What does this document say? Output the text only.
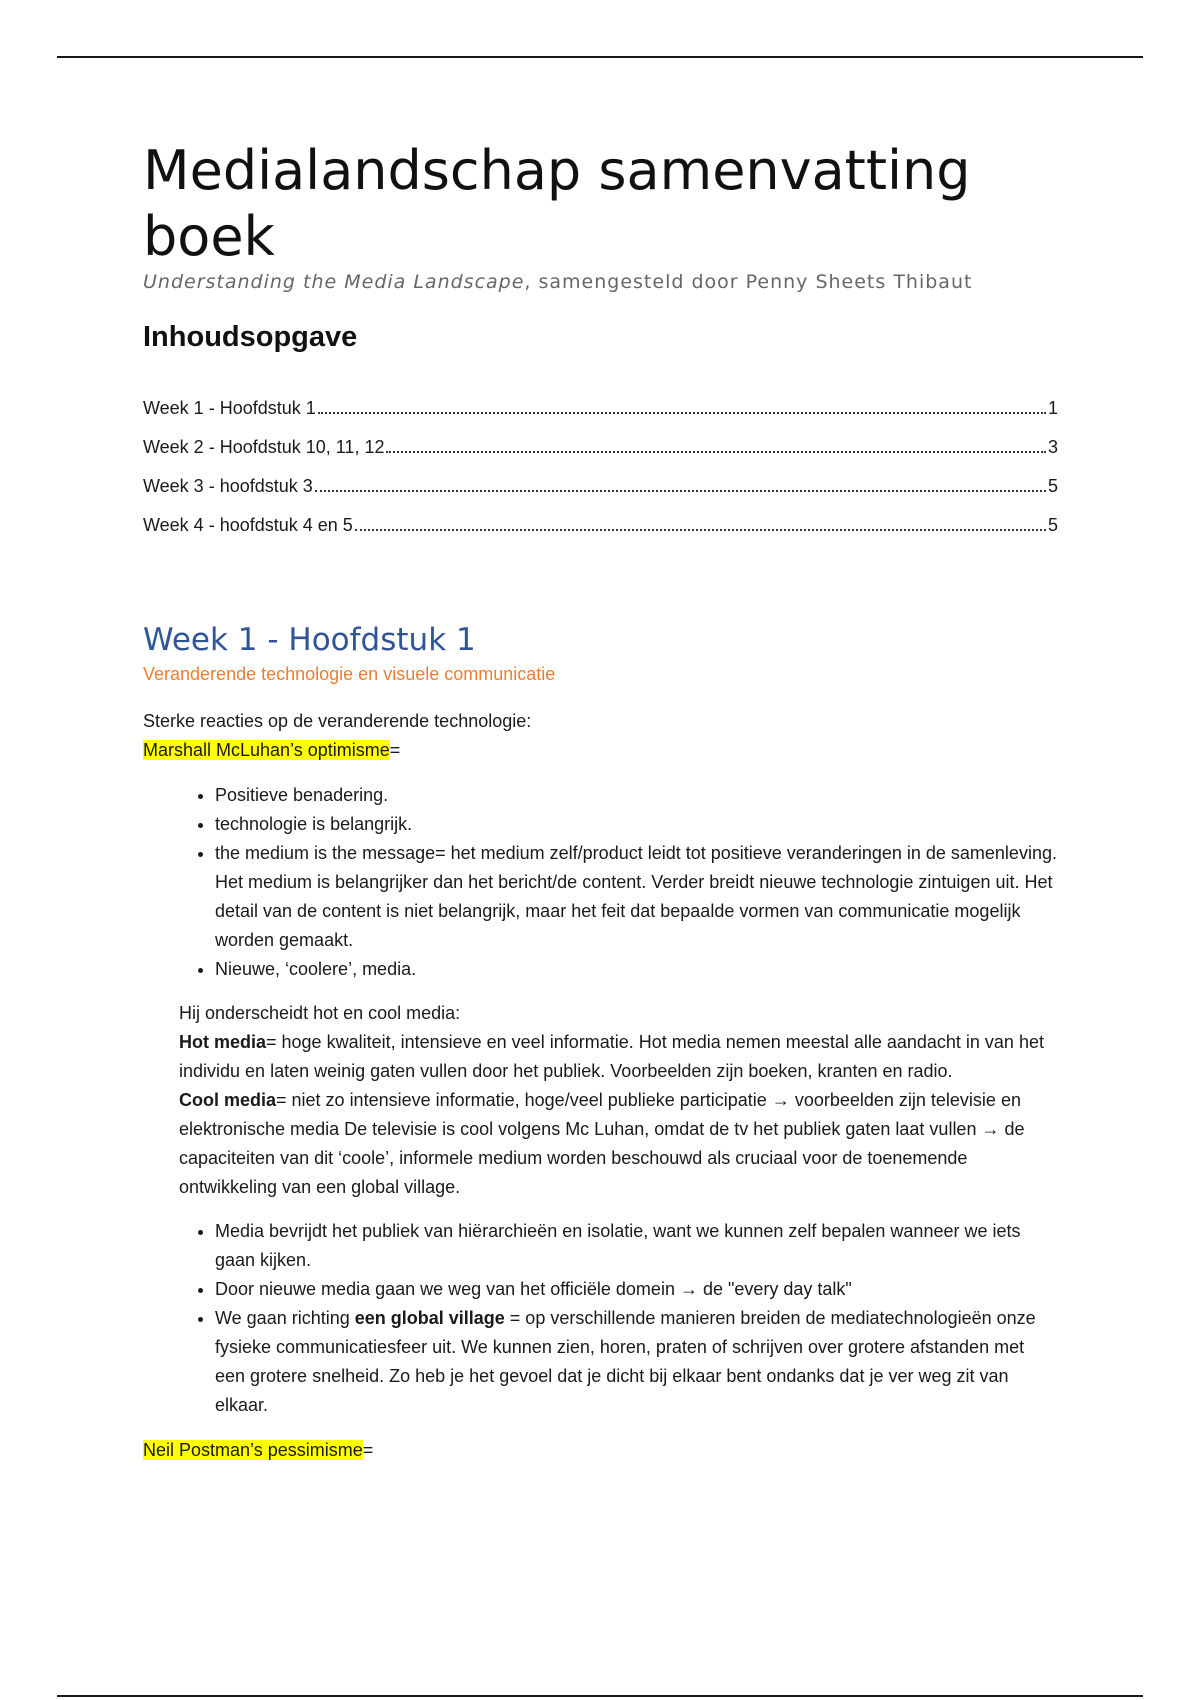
Medialandschap samenvatting boek
Understanding the Media Landscape, samengesteld door Penny Sheets Thibaut
Inhoudsopgave
Week 1 - Hoofdstuk 1	1
Week 2 - Hoofdstuk 10, 11, 12	3
Week 3 - hoofdstuk 3	5
Week 4 - hoofdstuk 4 en 5	5
Week 1 - Hoofdstuk 1
Veranderende technologie en visuele communicatie

Sterke reacties op de veranderende technologie:

Marshall McLuhan’s optimisme=

• Positieve benadering.
• technologie is belangrijk.
• the medium is the message= het medium zelf/product leidt tot positieve veranderingen in de samenleving. Het medium is belangrijker dan het bericht/de content. Verder breidt nieuwe technologie zintuigen uit. Het detail van de content is niet belangrijk, maar het feit dat bepaalde vormen van communicatie mogelijk worden gemaakt.
• Nieuwe, ‘coolere’, media.

Hij onderscheidt hot en cool media:

Hot media= hoge kwaliteit, intensieve en veel informatie. Hot media nemen meestal alle aandacht in van het individu en laten weinig gaten vullen door het publiek. Voorbeelden zijn boeken, kranten en radio.

Cool media= niet zo intensieve informatie, hoge/veel publieke participatie → voorbeelden zijn televisie en elektronische media De televisie is cool volgens Mc Luhan, omdat de tv het publiek gaten laat vullen → de capaciteiten van dit ‘coole’, informele medium worden beschouwd als cruciaal voor de toenemende ontwikkeling van een global village.

• Media bevrijdt het publiek van hiërarchieën en isolatie, want we kunnen zelf bepalen wanneer we iets gaan kijken.
• Door nieuwe media gaan we weg van het officiële domein → de "every day talk"
• We gaan richting een global village = op verschillende manieren breiden de mediatechnologieën onze fysieke communicatiesfeer uit. We kunnen zien, horen, praten of schrijven over grotere afstanden met een grotere snelheid. Zo heb je het gevoel dat je dicht bij elkaar bent ondanks dat je ver weg zit van elkaar.

Neil Postman’s pessimisme=
